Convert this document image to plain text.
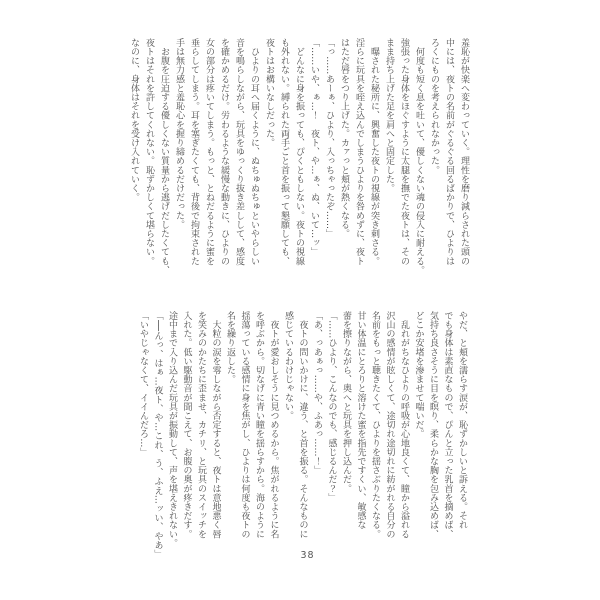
羞恥が快楽へ変わっていく。理性を磨り減らされた頭の
中には、夜トの名前がぐるぐる回るばかりで、ひよりは
ろくにものを考えられなかった。
　何度も短く息を吐いて、優しくない魂の侵入に耐える。
強張った身体をほぐすように太腿を撫でた夜トは、その
まま持ち上げた足を肩へと固定した。
　曝された秘所に、興奮した夜トの視線が突き刺さる。
淫らに玩具を咥え込んでしまうひよりを咎めずに、夜ト
はただ唇をつり上げた。カァっと頬が熱くなる。
「っ……あーぁ、ひより、入っちゃったぞ……」
「……いや、ぁ…！　夜ト、や…ぁ、ぬ、いて…ッ」
　どんなに身を振っても、ぴくともしない。夜トの視線
も外れない。縛られた両手ごと首を振って懇願しても、
夜トはお構いなしだった。
　ひよりの耳へ届くように、ぬちゅぬちゅといやらしい
音を鳴らしながら、玩具をゆっくり抜き差しして、感度
を確かめるだけ。労わるような緩慢な動きに、ひよりの
女の部分は疼いてしまう。もっと、とねだるように蜜を
垂らしてしまう。耳を塞ぎたくても、背後で拘束された
手は無力感と羞恥心を握り締めるだけだった。
　お腹を圧迫する優しくない質量から逃げだしたくても、
夜トはそれを許してくれない。恥ずかしくて堪らない。
なのに、身体はそれを受け入れていく。
やだ、と頬を濡らす涙が、恥ずかしいと訴える。それ
でも身体は素直なもので、ぴんと立った乳首を摘めば、
気持ち良さそうに目を瞑り、柔らかな胸を包み込めば、
どこか安堵を滲ませて喘いだ。
　乱れがちなひよりの呼吸が心地良くて、瞳から溢れる
沢山の感情が眩しくて、途切れ途切れに紡がれる自分の
名前をもっと聴きたくて、ひよりを揺さぶりたくなる。
甘い体温にとろりと溶けた蜜を指先ですくい、敏感な
蕾を擦りながら、奥へと玩具を押し込んだ。
「……ひより、こんなのでも、感じるんだ？」
「あ、っあぁっ……や、ふあっ……！」
　夜トの問いかけに、違う、と首を振る。そんなものに
感じているわけじゃない。
　夜トが愛おしそうに見つめるから。焦がれるように名
を呼ぶから。切なげに青い瞳を揺らすから。海のように
揺蕩っている感情に身を焦がし、ひよりは何度も夜トの
名を繰り返した。
　大粒の涙を零しながら否定すると、夜トは意地悪く唇
を笑みのかたちに歪ませ、カチリ、と玩具のスイッチを
入れた。低い駆動音が聞こえて、お腹の奥が疼きだす。
途中まで入り込んだ玩具が振動して、声を堪えきれない。
「──んっ、はぁ…夜ト、や…これ、う、ふえ…ッい、やあ」
「いやじゃなくて、イイんだろ…」
38
